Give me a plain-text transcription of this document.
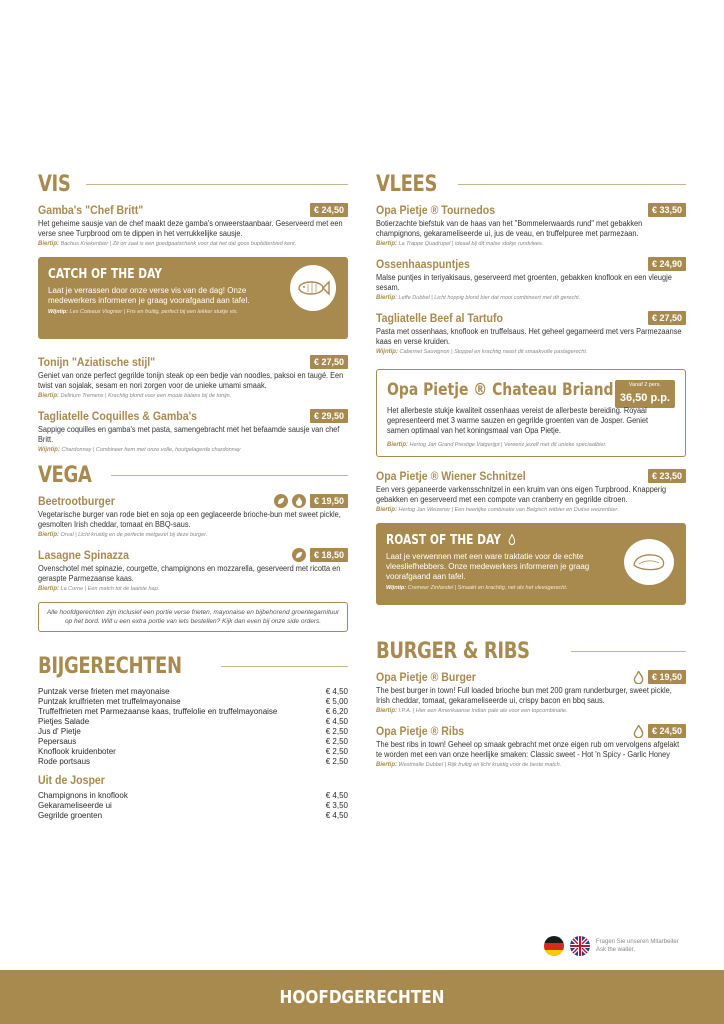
VIS
Gamba's "Chef Britt"	€ 24,50
Het geheime sausje van de chef maakt deze gamba's onweerstaanbaar. Geserveerd met een verse snee Turpbrood om te dippen in het verrukkelijke sausje.
Biertip: Bachus Kriekenbier | Zit on zaal is een goedgaatschenk voor dat het dat goos bupbitterbied kent.
CATCH OF THE DAY
Laat je verrassen door onze verse vis van de dag! Onze medewerkers informeren je graag voorafgaand aan tafel.
Wijntip: Les Coteaux Viognier | Fris en fruitig, perfect bij een lekker stukje vis.
Tonijn "Aziatische stijl"	€ 27,50
Geniet van onze perfect gegrilde tonijn steak op een bedje van noodles, paksoi en taugé. Een twist van sojalak, sesam en nori zorgen voor de unieke umami smaak.
Biertip: Delirium Tremens | Krachtig blond voor een mooie balans bij de tonijn.
Tagliatelle Coquilles & Gamba's	€ 29,50
Sappige coquilles en gamba's met pasta, samengebracht met het befaamde sausje van chef Britt.
Wijntip: Chardonnay | Combineer hem met onze volle, houtgelagerde chardonnay
VEGA
Beetrootburger	€ 19,50
Vegetarische burger van rode biet en soja op een geglaceerde brioche-bun met sweet pickle, gesmolten Irish cheddar, tomaat en BBQ-saus.
Biertip: Orval | Licht kruidig en de perfecte metgezel bij deze burger.
Lasagne Spinazza	€ 18,50
Ovenschotel met spinazie, courgette, champignons en mozzarella, geserveerd met ricotta en geraspte Parmezaanse kaas.
Biertip: La Corne | Een match tot de laatste hap.
Alle hoofdgerechten zijn inclusief een portie verse frieten, mayonaise en bijbehorend groentegarnituur op het bord. Wilt u een extra portie van iets bestellen? Kijk dan even bij onze side orders.
BIJGERECHTEN
Puntzak verse frieten met mayonaise	€ 4,50
Puntzak krulfrieten met truffelmayonaise	€ 5,00
Truffelfrieten met Parmezaanse kaas, truffelolie en truffelmayonaise	€ 6,20
Pietjes Salade	€ 4,50
Jus d' Pietje	€ 2,50
Pepersaus	€ 2,50
Knoflook kruidenboter	€ 2,50
Rode portsaus	€ 2,50
Uit de Josper
Champignons in knoflook	€ 4,50
Gekarameliseerde ui	€ 3,50
Gegrilde groenten	€ 4,50
VLEES
Opa Pietje ® Tournedos	€ 33,50
Botierzachte biefstuk van de haas van het "Bommelerwaards rund" met gebakken champignons, gekarameliseerde ui, jus de veau, en truffelpuree met parmezaan.
Biertip: La Trappe Quadrupel | Ideaal bij dit malse stukje rundvlees.
Ossenhaaspuntjes	€ 24,90
Malse puntjes in teriyakisaus, geserveerd met groenten, gebakken knoflook en een vleugje sesam.
Biertip: Leffe Dubbel | Licht hoppig blond bier dat mooi combineert met dit gerecht.
Tagliatelle Beef al Tartufo	€ 27,50
Pasta met ossenhaas, knoflook en truffelsaus. Het geheel gegarneerd met vers Parmezaanse kaas en verse kruiden.
Wijntip: Cabernet Sauvignon | Stoppel en krachtig naast dit smaakvolle pastagerecht.
Opa Pietje ® Chateau Briand	Vanaf 2 pers.
36,50 p.p.
Het allerbeste stukje kwaliteit ossenhaas vereist de allerbeste bereiding. Royaal gepresenteerd met 3 warme sauzen en gegrilde groenten van de Josper. Geniet samen optimaal van het koningsmaal van Opa Pietje.
Biertip: Hertog Jan Grand Prestige Vatgerijpt | Vereenz jezelf met dit unieke speciaalbier.
Opa Pietje ® Wiener Schnitzel	€ 23,50
Een vers gepaneerde varkensschnitzel in een kruim van ons eigen Turpbrood. Knapperig gebakken en geserveerd met een compote van cranberry en gegrilde citroen.
Biertip: Hertog Jan Weizener | Een heerlijke combinatie van Belgisch witbier en Duitse weizenbier.
ROAST OF THE DAY
Laat je verwennen met een ware traktatie voor de echte vleesliefhebbers. Onze medewerkers informeren je graag voorafgaand aan tafel.
Wijntip: Cremeer Zinfandel | Smaakt en krachtig, net als het vleesgerecht.
BURGER & RIBS
Opa Pietje ® Burger	€ 19,50
The best burger in town! Full loaded brioche bun met 200 gram runderburger, sweet pickle, Irish cheddar, tomaat, gekarameliseerde ui, crispy bacon en bbq saus.
Biertip: I.P.A. | Hier een Amerikaanse Indian pale ale voor een topcombinatie.
Opa Pietje ® Ribs	€ 24,50
The best ribs in town! Geheel op smaak gebracht met onze eigen rub om vervolgens afgelakt te worden met een van onze heerlijke smaken: Classic sweet - Hot 'n Spicy - Garlic Honey
Biertip: Westmalle Dubbel | Rijk fruitig en licht kruidig voor de beste match.
Fragen Sie unseren Mitarbeiter
Ask the waiter.
HOOFDGERECHTEN
